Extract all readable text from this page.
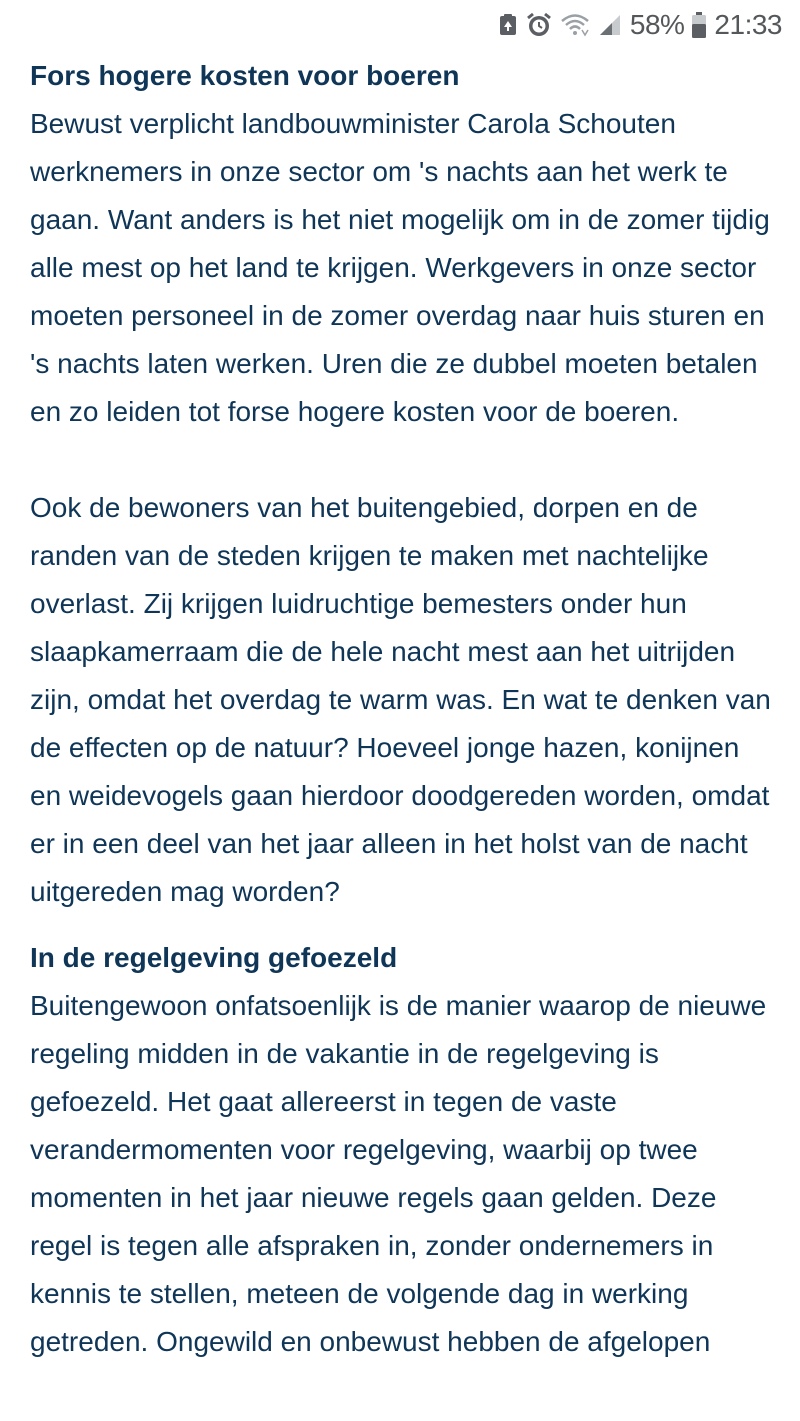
58% 21:33
Fors hogere kosten voor boeren

Bewust verplicht landbouwminister Carola Schouten werknemers in onze sector om 's nachts aan het werk te gaan. Want anders is het niet mogelijk om in de zomer tijdig alle mest op het land te krijgen. Werkgevers in onze sector moeten personeel in de zomer overdag naar huis sturen en 's nachts laten werken. Uren die ze dubbel moeten betalen en zo leiden tot forse hogere kosten voor de boeren.

Ook de bewoners van het buitengebied, dorpen en de randen van de steden krijgen te maken met nachtelijke overlast. Zij krijgen luidruchtige bemesters onder hun slaapkamerraam die de hele nacht mest aan het uitrijden zijn, omdat het overdag te warm was. En wat te denken van de effecten op de natuur? Hoeveel jonge hazen, konijnen en weidevogels gaan hierdoor doodgereden worden, omdat er in een deel van het jaar alleen in het holst van de nacht uitgereden mag worden?

In de regelgeving gefoezeld

Buitengewoon onfatsoenlijk is de manier waarop de nieuwe regeling midden in de vakantie in de regelgeving is gefoezeld. Het gaat allereerst in tegen de vaste verandermomenten voor regelgeving, waarbij op twee momenten in het jaar nieuwe regels gaan gelden. Deze regel is tegen alle afspraken in, zonder ondernemers in kennis te stellen, meteen de volgende dag in werking getreden. Ongewild en onbewust hebben de afgelopen
